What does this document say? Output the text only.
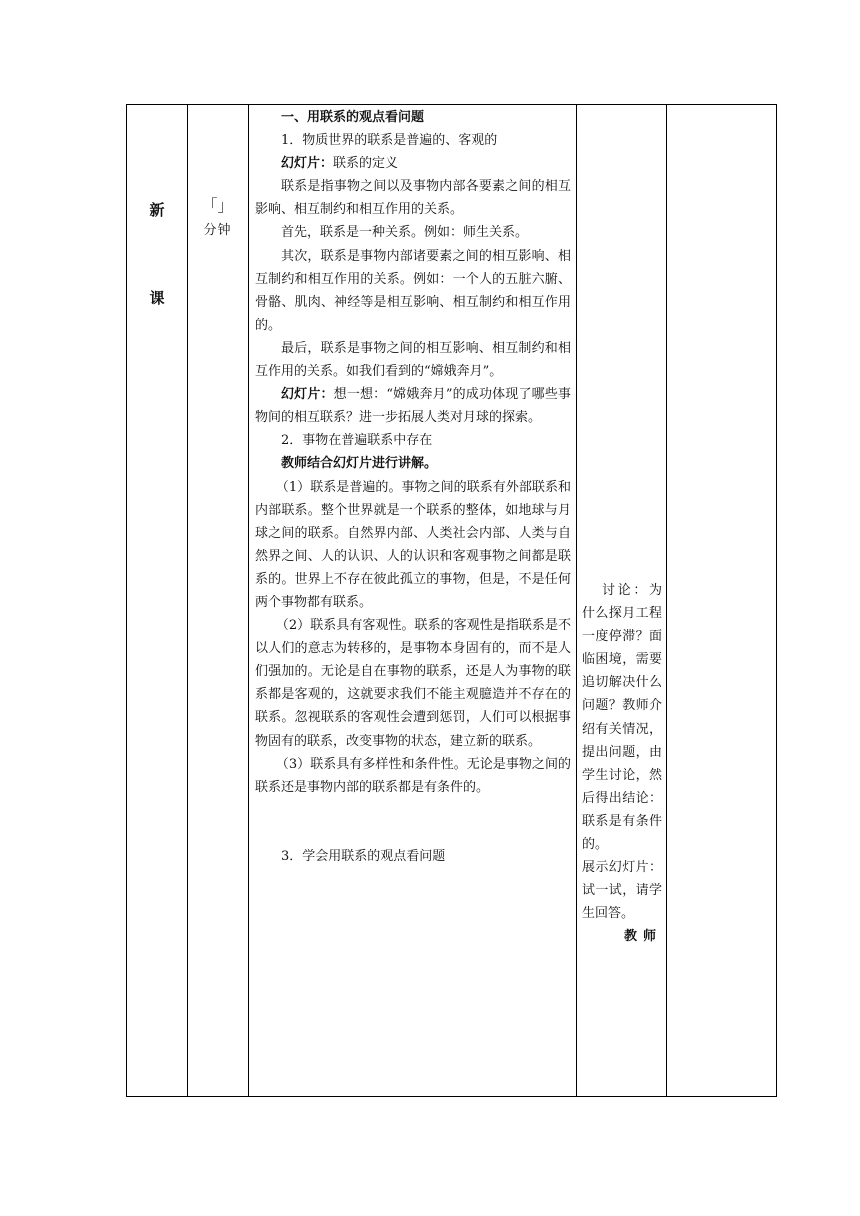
新
课
「」
分钟

一、用联系的观点看问题

1．物质世界的联系是普遍的、客观的

幻灯片：联系的定义

联系是指事物之间以及事物内部各要素之间的相互影响、相互制约和相互作用的关系。

首先，联系是一种关系。例如：师生关系。

其次，联系是事物内部诸要素之间的相互影响、相互制约和相互作用的关系。例如：一个人的五脏六腑、骨骼、肌肉、神经等是相互影响、相互制约和相互作用的。

最后，联系是事物之间的相互影响、相互制约和相互作用的关系。如我们看到的“嫦娥奔月”。

幻灯片：想一想：“嫦娥奔月”的成功体现了哪些事物间的相互联系？进一步拓展人类对月球的探索。

2．事物在普遍联系中存在

教师结合幻灯片进行讲解。

（1）联系是普遍的。事物之间的联系有外部联系和内部联系。整个世界就是一个联系的整体，如地球与月球之间的联系。自然界内部、人类社会内部、人类与自然界之间、人的认识、人的认识和客观事物之间都是联系的。世界上不存在彼此孤立的事物，但是，不是任何两个事物都有联系。

（2）联系具有客观性。联系的客观性是指联系是不以人们的意志为转移的，是事物本身固有的，而不是人们强加的。无论是自在事物的联系，还是人为事物的联系都是客观的，这就要求我们不能主观臆造并不存在的联系。忽视联系的客观性会遭到惩罚，人们可以根据事物固有的联系，改变事物的状态，建立新的联系。

（3）联系具有多样性和条件性。无论是事物之间的联系还是事物内部的联系都是有条件的。

3．学会用联系的观点看问题

讨论：为什么探月工程一度停滞？面临困境，需要追切解决什么问题？教师介绍有关情况，提出问题，由学生讨论，然后得出结论：联系是有条件的。

展示幻灯片：试一试，请学生回答。

教师
